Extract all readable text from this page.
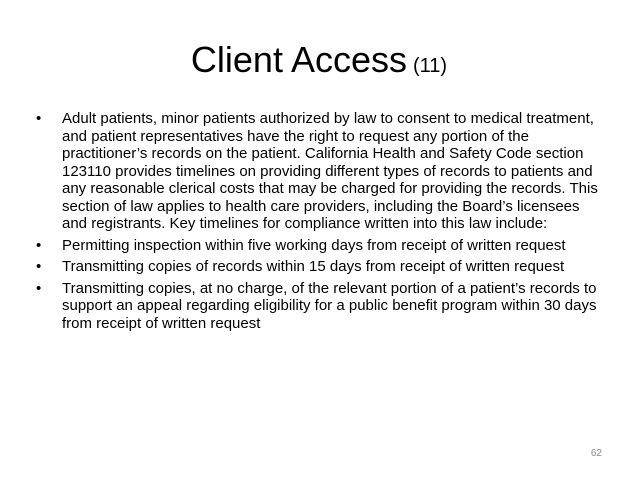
Client Access (11)
•	Adult patients, minor patients authorized by law to consent to medical treatment, and patient representatives have the right to request any portion of the practitioner’s records on the patient. California Health and Safety Code section 123110 provides timelines on providing different types of records to patients and any reasonable clerical costs that may be charged for providing the records. This section of law applies to health care providers, including the Board’s licensees and registrants. Key timelines for compliance written into this law include:
•	Permitting inspection within five working days from receipt of written request
•	Transmitting copies of records within 15 days from receipt of written request
•	Transmitting copies, at no charge, of the relevant portion of a patient’s records to support an appeal regarding eligibility for a public benefit program within 30 days from receipt of written request
62
